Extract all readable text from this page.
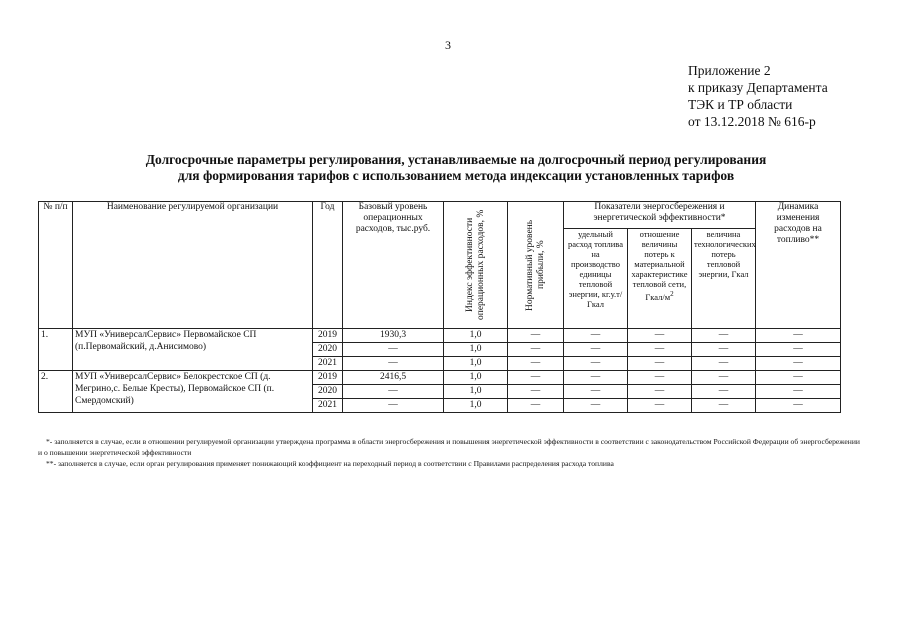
3
Приложение 2
к приказу Департамента
ТЭК и ТР области
от 13.12.2018 № 616-р
Долгосрочные параметры регулирования, устанавливаемые на долгосрочный период регулирования
для формирования тарифов с использованием метода индексации установленных тарифов
№ п/п	Наименование регулируемой организации	Год	Базовый уровень операционных расходов, тыс.руб.	Индекс эффективности операционных расходов, %	Нормативный уровень прибыли, %	Показатели энергосбережения и энергетической эффективности*			Динамика изменения расходов на топливо**
						удельный расход топлива на производство единицы тепловой энергии, кг.у.т/Гкал	отношение величины потерь к материальной характеристике тепловой сети, Гкал/$м^2$	величина технологических потерь тепловой энергии, Гкал	
1.	МУП «УниверсалСервис» Первомайское СП (п.Первомайский, д.Анисимово)	2019	1930,3	1,0	—	—	—	—	—
		2020	—	1,0	—	—	—	—	—
		2021	—	1,0	—	—	—	—	—
2.	МУП «УниверсалСервис» Белокрестское СП (д. Мегрино,с. Белые Кресты), Первомайское СП (п. Смердомский)	2019	2416,5	1,0	—	—	—	—	—
		2020	—	1,0	—	—	—	—	—
		2021	—	1,0	—	—	—	—	—

*- заполняется в случае, если в отношении регулируемой организации утверждена программа в области энергосбережения и повышения энергетической эффективности в соответствии с законодательством Российской Федерации об энергосбережении и о повышении энергетической эффективности

**- заполняется в случае, если орган регулирования применяет понижающий коэффициент на переходный период в соответствии с Правилами распределения расхода топлива
